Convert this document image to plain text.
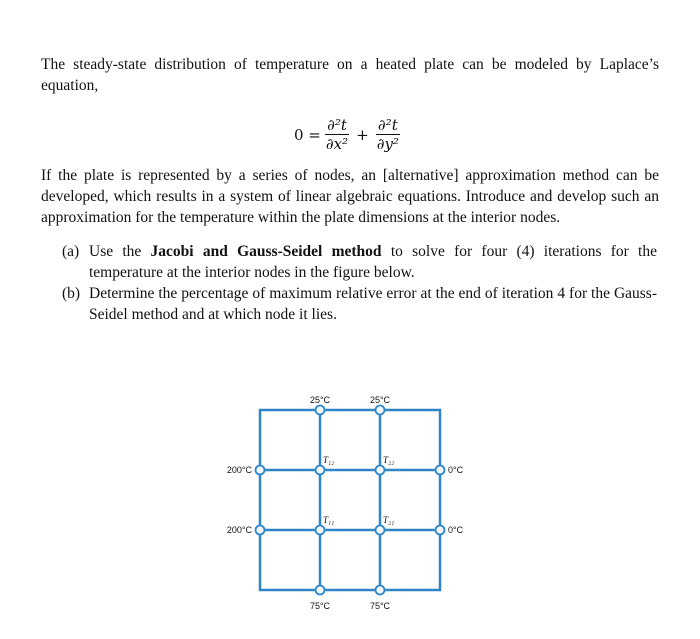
The steady-state distribution of temperature on a heated plate can be modeled by Laplace’s equation,

$0 = \frac{\text{∂²t}}{\text{∂x²}} + \frac{\text{∂²t}}{\text{∂y²}}$

If the plate is represented by a series of nodes, an [alternative] approximation method can be developed, which results in a system of linear algebraic equations. Introduce and develop such an approximation for the temperature within the plate dimensions at the interior nodes.

(a) Use the Jacobi and Gauss-Seidel method to solve for four (4) iterations for the temperature at the interior nodes in the figure below.

(b) Determine the percentage of maximum relative error at the end of iteration 4 for the Gauss-Seidel method and at which node it lies.

25°C	25°C
200°C
200°C
0°C
0°C
75°C	75°C
T₁₂	T₂₂
T₁₁	T₂₁
